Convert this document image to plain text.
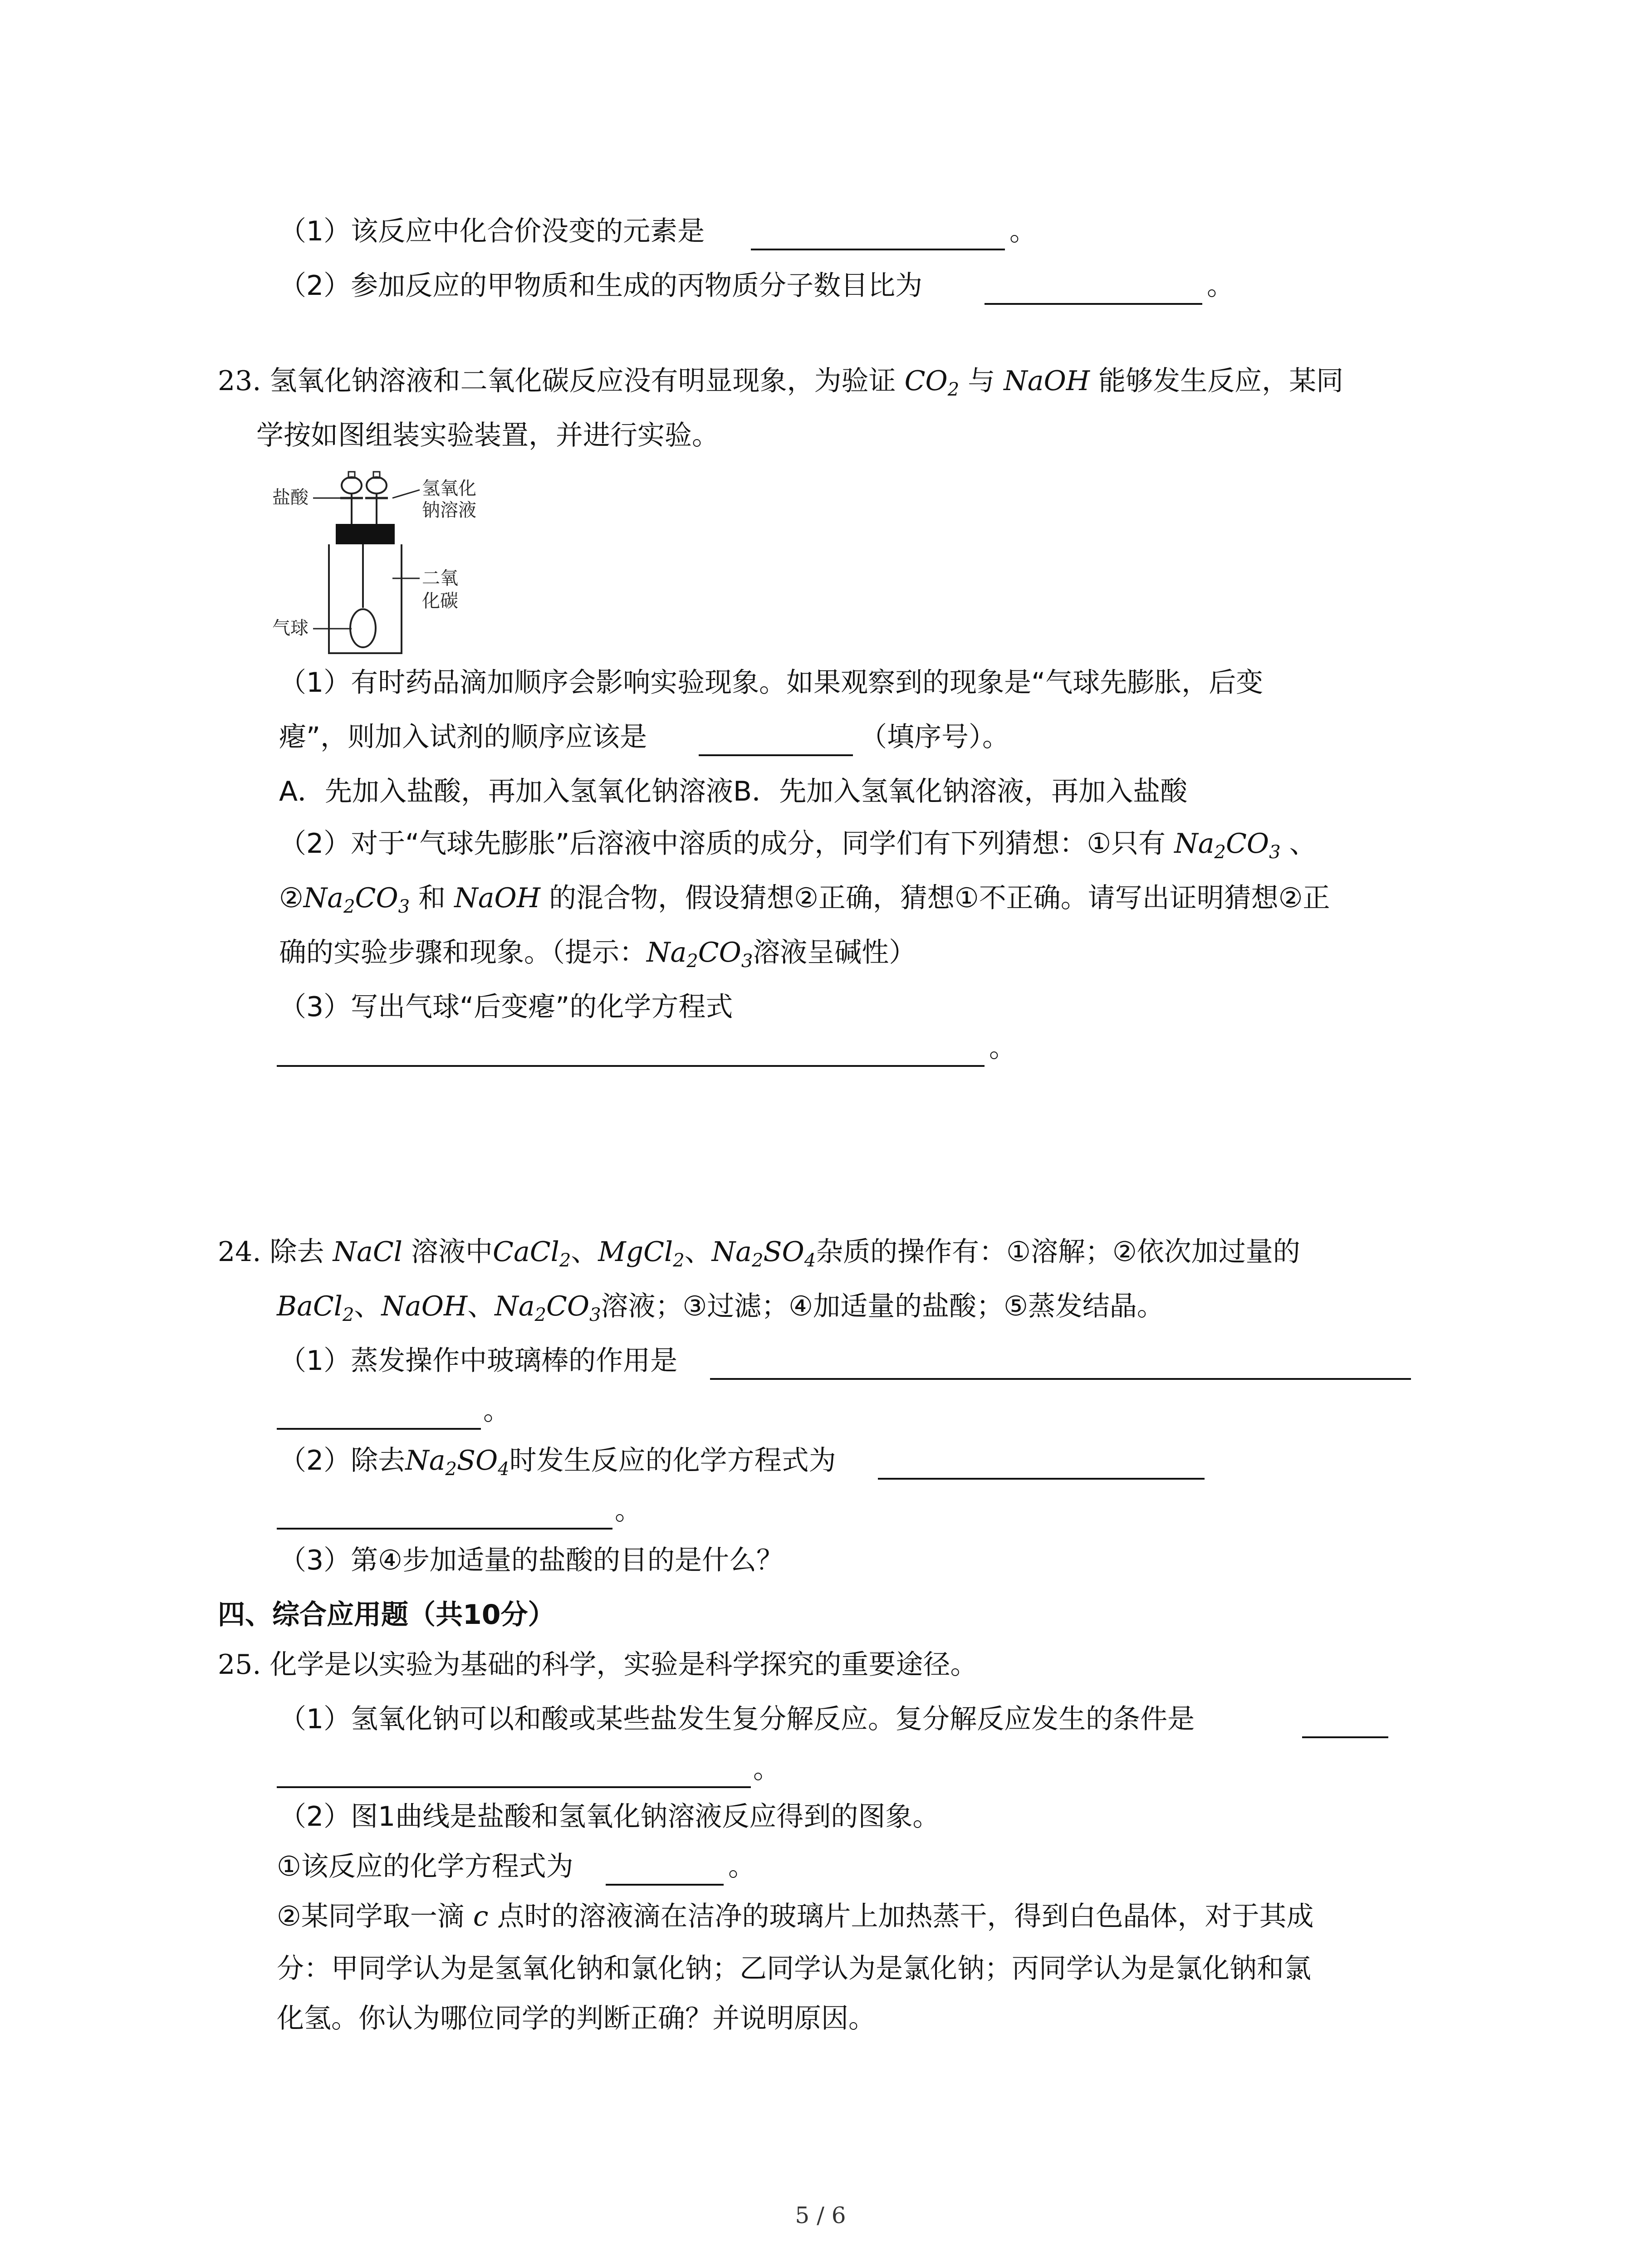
（1）该反应中化合价没变的元素是	。
（2）参加反应的甲物质和生成的丙物质分子数目比为	。
23. 氢氧化钠溶液和二氧化碳反应没有明显现象，为验证 $CO_2$ 与 NaOH 能够发生反应，某同
学按如图组装实验装置，并进行实验。
盐酸	氢氧化
钠溶液
二氧
化碳
气球
（1）有时药品滴加顺序会影响实验现象。如果观察到的现象是“气球先膨胀，后变
瘪”，则加入试剂的顺序应该是	（填序号）。
A．先加入盐酸，再加入氢氧化钠溶液B．先加入氢氧化钠溶液，再加入盐酸
（2）对于“气球先膨胀”后溶液中溶质的成分，同学们有下列猜想：①只有 $Na_2CO_3$ 、
$②Na_2CO_3$ 和 NaOH 的混合物，假设猜想②正确，猜想①不正确。请写出证明猜想②正
确的实验步骤和现象。（提示：$Na_2CO_3$溶液呈碱性）
（3）写出气球“后变瘪”的化学方程式
。
24. 除去 NaCl 溶液中CaCl$_2$、MgCl$_2$、$Na_2SO_4$杂质的操作有：①溶解；②依次加过量的
BaCl$_2$、NaOH、$Na_2CO_3$溶液；③过滤；④加适量的盐酸；⑤蒸发结晶。
（1）蒸发操作中玻璃棒的作用是
。
（2）除去$Na_2SO_4$时发生反应的化学方程式为
。
（3）第④步加适量的盐酸的目的是什么？
四、综合应用题（共10分）
25. 化学是以实验为基础的科学，实验是科学探究的重要途径。
（1）氢氧化钠可以和酸或某些盐发生复分解反应。复分解反应发生的条件是
。
（2）图1曲线是盐酸和氢氧化钠溶液反应得到的图象。
①该反应的化学方程式为	。
②某同学取一滴 c 点时的溶液滴在洁净的玻璃片上加热蒸干，得到白色晶体，对于其成
分：甲同学认为是氢氧化钠和氯化钠；乙同学认为是氯化钠；丙同学认为是氯化钠和氯
化氢。你认为哪位同学的判断正确？并说明原因。
5 / 6
